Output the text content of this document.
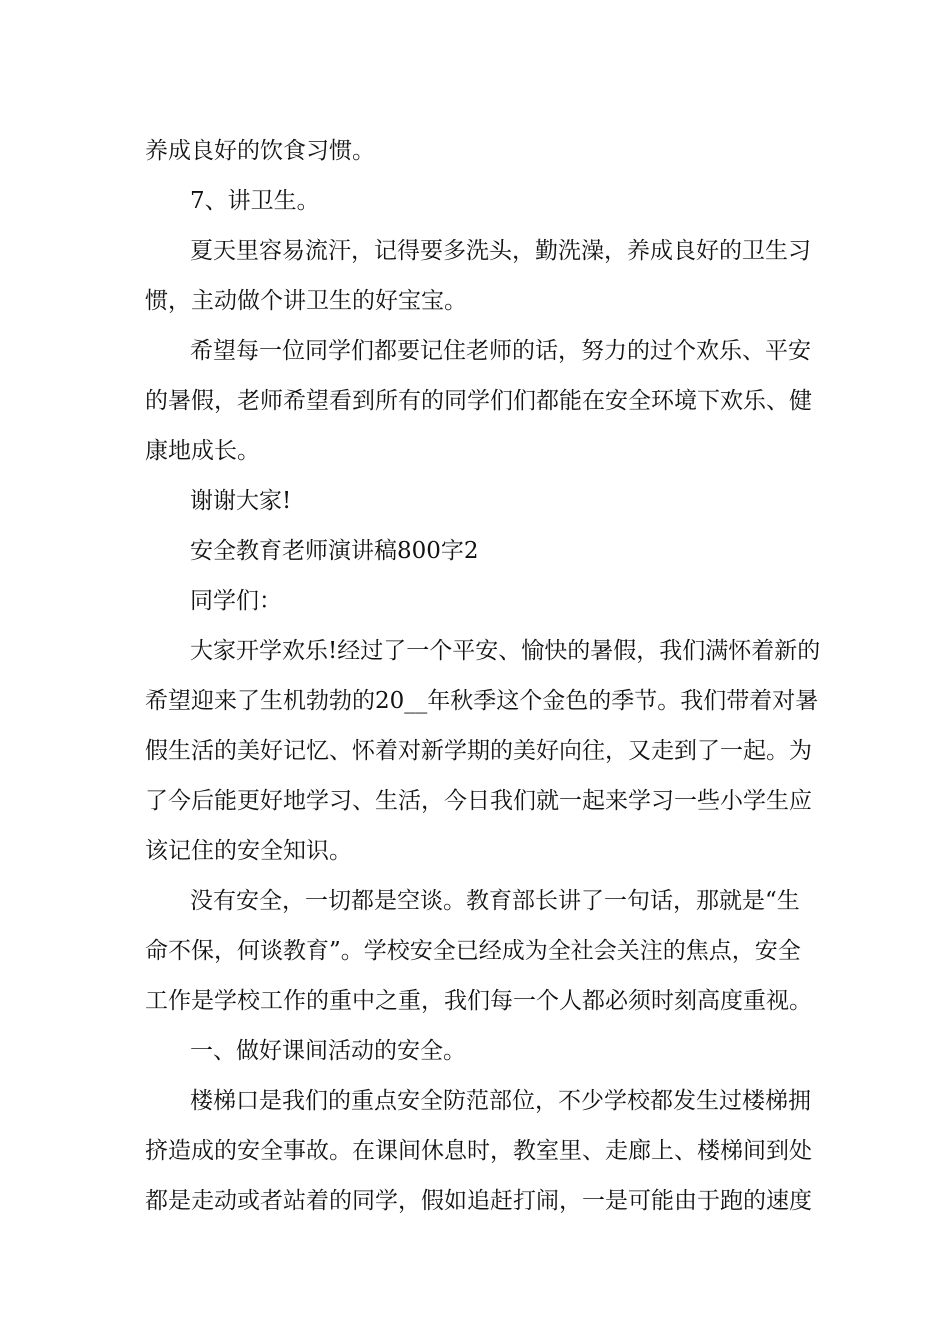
养成良好的饮食习惯。
7、讲卫生。
夏天里容易流汗，记得要多洗头，勤洗澡，养成良好的卫生习
惯，主动做个讲卫生的好宝宝。
希望每一位同学们都要记住老师的话，努力的过个欢乐、平安
的暑假，老师希望看到所有的同学们们都能在安全环境下欢乐、健
康地成长。
谢谢大家!
安全教育老师演讲稿800字2
同学们：
大家开学欢乐!经过了一个平安、愉快的暑假，我们满怀着新的
希望迎来了生机勃勃的20__年秋季这个金色的季节。我们带着对暑
假生活的美好记忆、怀着对新学期的美好向往，又走到了一起。为
了今后能更好地学习、生活，今日我们就一起来学习一些小学生应
该记住的安全知识。
没有安全，一切都是空谈。教育部长讲了一句话，那就是“生
命不保，何谈教育”。学校安全已经成为全社会关注的焦点，安全
工作是学校工作的重中之重，我们每一个人都必须时刻高度重视。
一、做好课间活动的安全。
楼梯口是我们的重点安全防范部位，不少学校都发生过楼梯拥
挤造成的安全事故。在课间休息时，教室里、走廊上、楼梯间到处
都是走动或者站着的同学，假如追赶打闹，一是可能由于跑的速度
